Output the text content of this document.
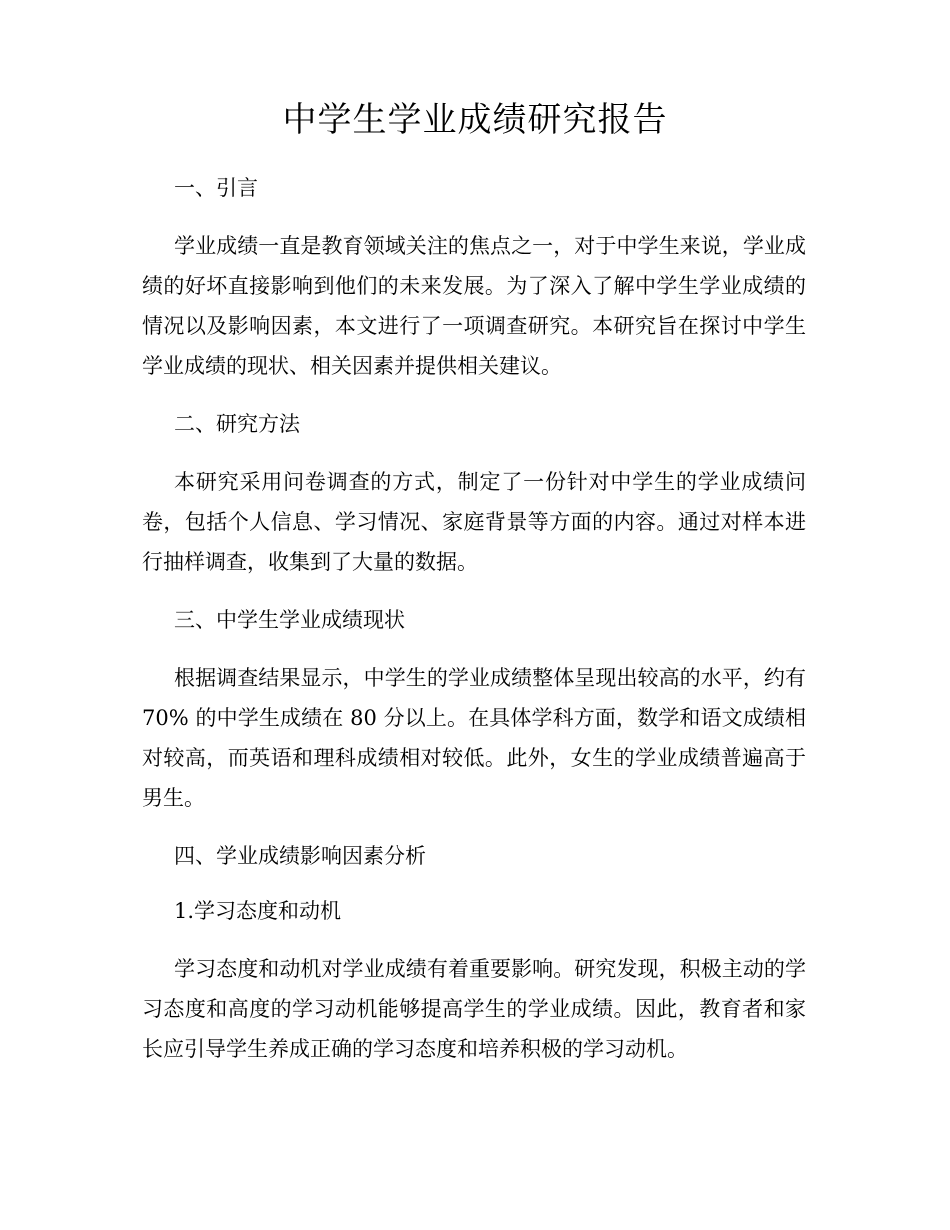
中学生学业成绩研究报告

一、引言

学业成绩一直是教育领域关注的焦点之一，对于中学生来说，学业成绩的好坏直接影响到他们的未来发展。为了深入了解中学生学业成绩的情况以及影响因素，本文进行了一项调查研究。本研究旨在探讨中学生学业成绩的现状、相关因素并提供相关建议。

二、研究方法

本研究采用问卷调查的方式，制定了一份针对中学生的学业成绩问卷，包括个人信息、学习情况、家庭背景等方面的内容。通过对样本进行抽样调查，收集到了大量的数据。

三、中学生学业成绩现状

根据调查结果显示，中学生的学业成绩整体呈现出较高的水平，约有 70% 的中学生成绩在 80 分以上。在具体学科方面，数学和语文成绩相对较高，而英语和理科成绩相对较低。此外，女生的学业成绩普遍高于男生。

四、学业成绩影响因素分析

1.学习态度和动机

学习态度和动机对学业成绩有着重要影响。研究发现，积极主动的学习态度和高度的学习动机能够提高学生的学业成绩。因此，教育者和家长应引导学生养成正确的学习态度和培养积极的学习动机。
